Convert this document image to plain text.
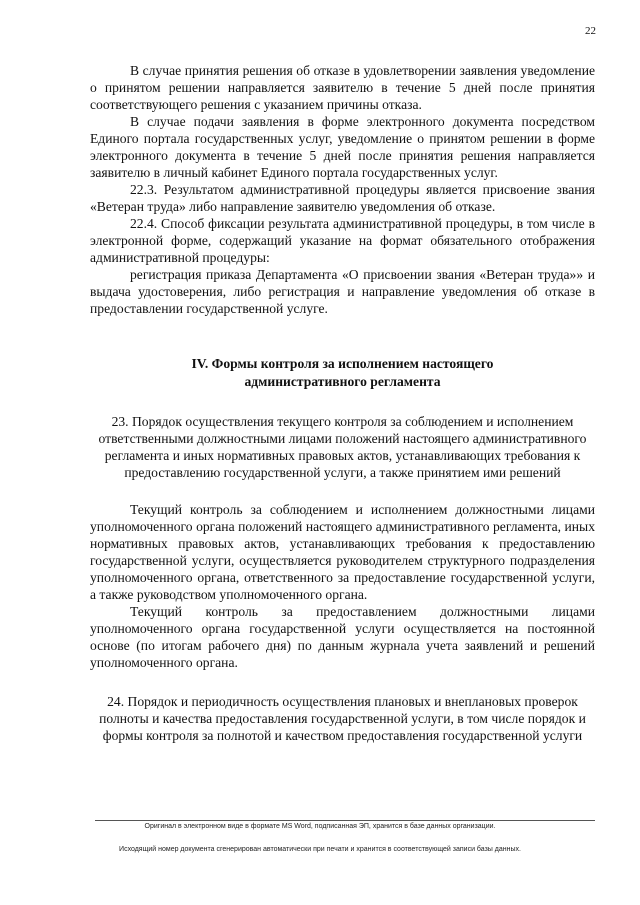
22

В случае принятия решения об отказе в удовлетворении заявления уведомление о принятом решении направляется заявителю в течение 5 дней после принятия соответствующего решения с указанием причины отказа.

В случае подачи заявления в форме электронного документа посредством Единого портала государственных услуг, уведомление о принятом решении в форме электронного документа в течение 5 дней после принятия решения направляется заявителю в личный кабинет Единого портала государственных услуг.

22.3. Результатом административной процедуры является присвоение звания «Ветеран труда» либо направление заявителю уведомления об отказе.

22.4. Способ фиксации результата административной процедуры, в том числе в электронной форме, содержащий указание на формат обязательного отображения административной процедуры:

регистрация приказа Департамента «О присвоении звания «Ветеран труда»» и выдача удостоверения, либо регистрация и направление уведомления об отказе в предоставлении государственной услуге.

IV. Формы контроля за исполнением настоящего
административного регламента

23. Порядок осуществления текущего контроля за соблюдением и исполнением ответственными должностными лицами положений настоящего административного регламента и иных нормативных правовых актов, устанавливающих требования к предоставлению государственной услуги, а также принятием ими решений

Текущий контроль за соблюдением и исполнением должностными лицами уполномоченного органа положений настоящего административного регламента, иных нормативных правовых актов, устанавливающих требования к предоставлению государственной услуги, осуществляется руководителем структурного подразделения уполномоченного органа, ответственного за предоставление государственной услуги, а также руководством уполномоченного органа.

Текущий контроль за предоставлением должностными лицами уполномоченного органа государственной услуги осуществляется на постоянной основе (по итогам рабочего дня) по данным журнала учета заявлений и решений уполномоченного органа.

24. Порядок и периодичность осуществления плановых и внеплановых проверок полноты и качества предоставления государственной услуги, в том числе порядок и формы контроля за полнотой и качеством предоставления государственной услуги

Оригинал в электронном виде в формате MS Word, подписанная ЭП, хранится в базе данных организации.
Исходящий номер документа сгенерирован автоматически при печати и хранится в соответствующей записи базы данных.
